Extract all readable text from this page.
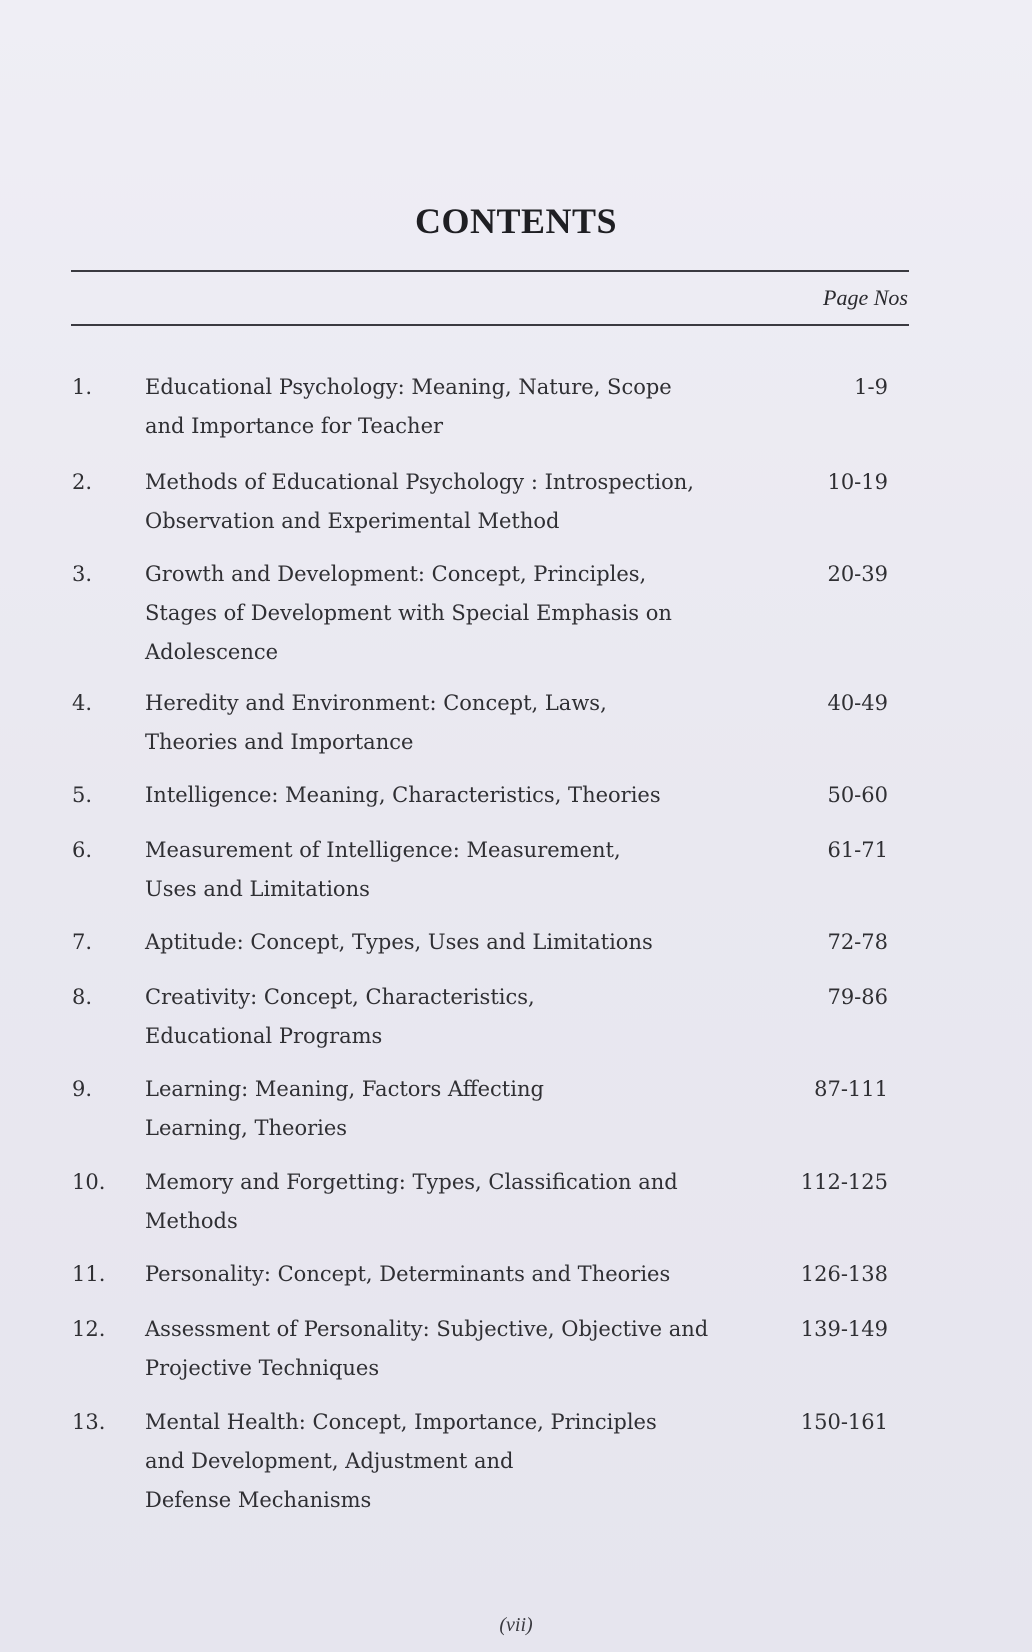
CONTENTS
Page Nos
1.	Educational Psychology: Meaning, Nature, Scope
and Importance for Teacher
1-9
2.	Methods of Educational Psychology : Introspection,
Observation and Experimental Method
10-19
3.	Growth and Development: Concept, Principles,
Stages of Development with Special Emphasis on
Adolescence
20-39
4.	Heredity and Environment: Concept, Laws,
Theories and Importance
40-49
5.	Intelligence: Meaning, Characteristics, Theories	50-60
6.	Measurement of Intelligence: Measurement,
Uses and Limitations
61-71
7.	Aptitude: Concept, Types, Uses and Limitations	72-78
8.	Creativity: Concept, Characteristics,
Educational Programs
79-86
9.	Learning: Meaning, Factors Affecting
Learning, Theories
87-111
10. Memory and Forgetting: Types, Classification and
Methods
112-125
11. Personality: Concept, Determinants and Theories	126-138
12. Assessment of Personality: Subjective, Objective and
Projective Techniques
139-149
13. Mental Health: Concept, Importance, Principles
and Development, Adjustment and
Defense Mechanisms
150-161
(vii)
